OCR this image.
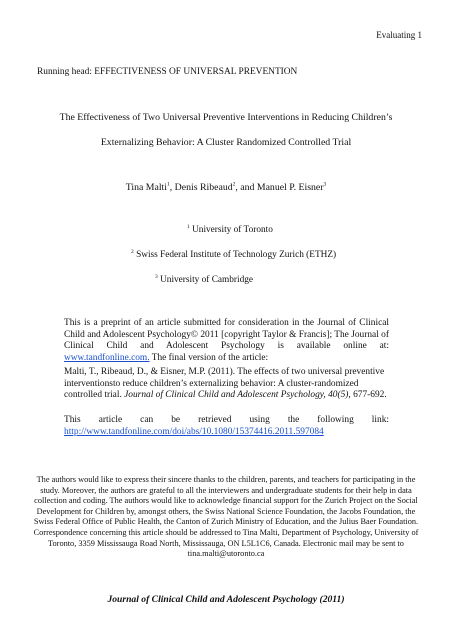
Evaluating 1
Running head: EFFECTIVENESS OF UNIVERSAL PREVENTION
The Effectiveness of Two Universal Preventive Interventions in Reducing Children’s
Externalizing Behavior: A Cluster Randomized Controlled Trial
Tina Malti$^1$, Denis Ribeaud$^2$, and Manuel P. Eisner$^3$
$^1$ University of Toronto
$^2$ Swiss Federal Institute of Technology Zurich (ETHZ)
$^3$ University of Cambridge
This is a preprint of an article submitted for consideration in the Journal of Clinical Child and Adolescent Psychology© 2011 [copyright Taylor & Francis]; The Journal of Clinical Child and Adolescent Psychology is available online at: www.tandfonline.com. The final version of the article:
Malti, T., Ribeaud, D., & Eisner, M.P. (2011). The effects of two universal preventive interventionsto reduce children’s externalizing behavior: A cluster-randomized controlled trial. Journal of Clinical Child and Adolescent Psychology, 40(5), 677-692.
This article can be retrieved using the following link:
http://www.tandfonline.com/doi/abs/10.1080/15374416.2011.597084
The authors would like to express their sincere thanks to the children, parents, and teachers for participating in the study. Moreover, the authors are grateful to all the interviewers and undergraduate students for their help in data collection and coding. The authors would like to acknowledge financial support for the Zurich Project on the Social Development for Children by, amongst others, the Swiss National Science Foundation, the Jacobs Foundation, the Swiss Federal Office of Public Health, the Canton of Zurich Ministry of Education, and the Julius Baer Foundation. Correspondence concerning this article should be addressed to Tina Malti, Department of Psychology, University of Toronto, 3359 Mississauga Road North, Mississauga, ON L5L1C6, Canada. Electronic mail may be sent to tina.malti@utoronto.ca
Journal of Clinical Child and Adolescent Psychology (2011)
